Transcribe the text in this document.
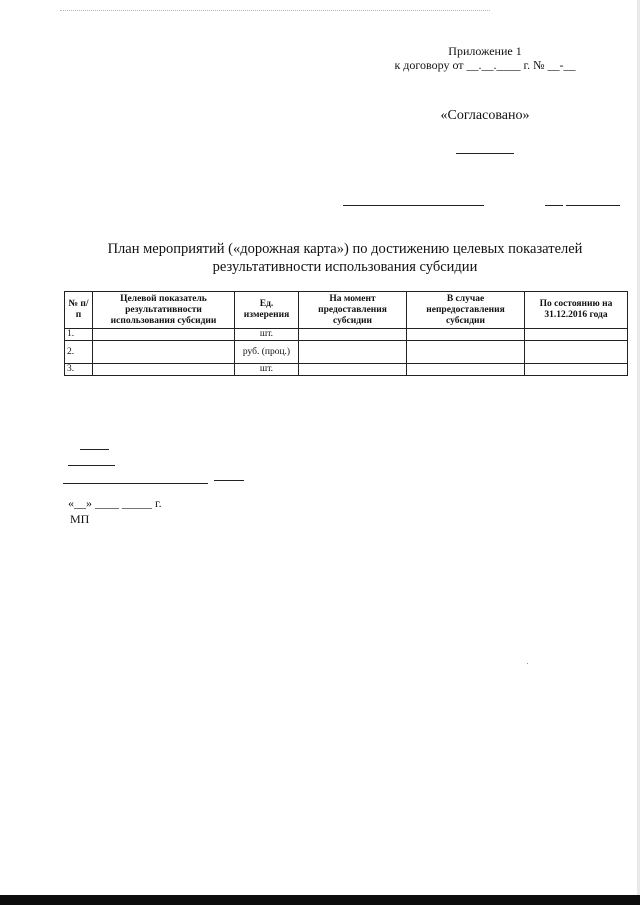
Приложение 1
к договору от __.__.____ г. № __-__
«Согласовано»
План мероприятий («дорожная карта») по достижению целевых показателей
результативности использования субсидии
№ п/п	Целевой показатель результативности использования субсидии	Ед. измерения	На момент предоставления субсидии	В случае непредоставления субсидии	По состоянию на 31.12.2016 года
1.		шт.			
2.		руб. (проц.)			
3.		шт.			
«__» ____ _____ г.
МП
